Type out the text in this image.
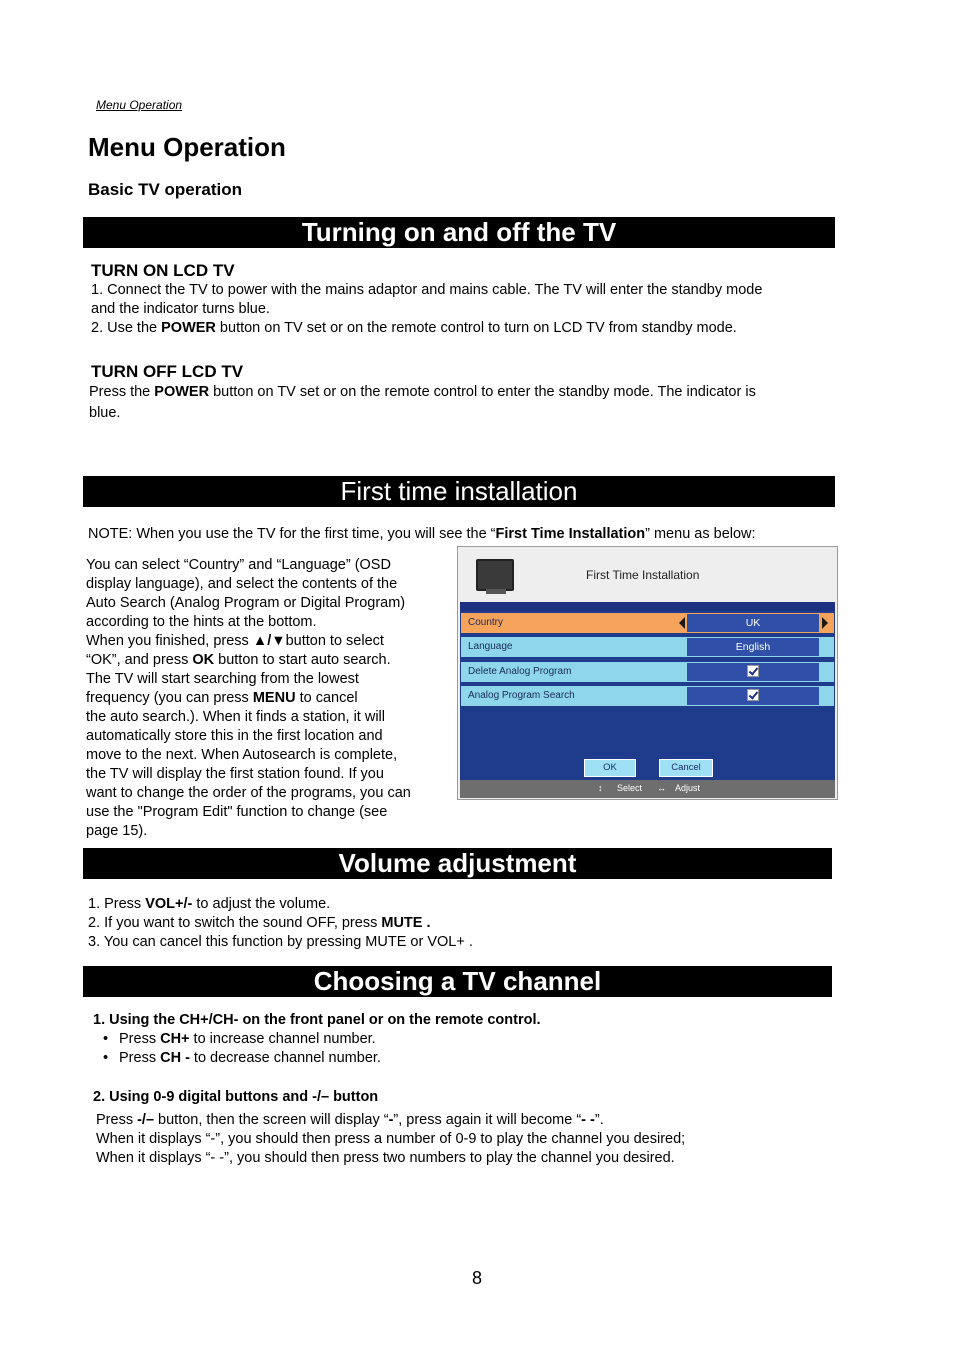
Menu Operation
Menu Operation
Basic TV operation
Turning on and off the TV
TURN ON LCD TV
1. Connect the TV to power with the mains adaptor and mains cable. The TV will enter the standby mode
and the indicator turns blue.
2. Use the POWER button on TV set or on the remote control to turn on LCD TV from standby mode.
TURN OFF LCD TV
Press the POWER button on TV set or on the remote control to enter the standby mode. The indicator is
blue.
First time installation
NOTE: When you use the TV for the first time, you will see the “First Time Installation” menu as below:
You can select “Country” and “Language” (OSD
display language), and select the contents of the
Auto Search (Analog Program or Digital Program)
according to the hints at the bottom.
When you finished, press ▲/▼button to select
“OK”, and press OK button to start auto search.
The TV will start searching from the lowest
frequency (you can press MENU to cancel
the auto search.). When it finds a station, it will
automatically store this in the first location and
move to the next. When Autosearch is complete,
the TV will display the first station found. If you
want to change the order of the programs, you can
use the "Program Edit" function to change (see
page 15).
First Time Installation
Country	UK
Language	English
Delete Analog Program
Analog Program Search
OK	Cancel
↕ Select ↔ Adjust
Volume adjustment
1. Press VOL+/- to adjust the volume.
2. If you want to switch the sound OFF, press MUTE .
3. You can cancel this function by pressing MUTE or VOL+ .
Choosing a TV channel
1. Using the CH+/CH- on the front panel or on the remote control.
• Press CH+ to increase channel number.
• Press CH - to decrease channel number.
2. Using 0-9 digital buttons and -/– button
Press -/– button, then the screen will display “-”, press again it will become “- -”.
When it displays “-”, you should then press a number of 0-9 to play the channel you desired;
When it displays “- -”, you should then press two numbers to play the channel you desired.
8
